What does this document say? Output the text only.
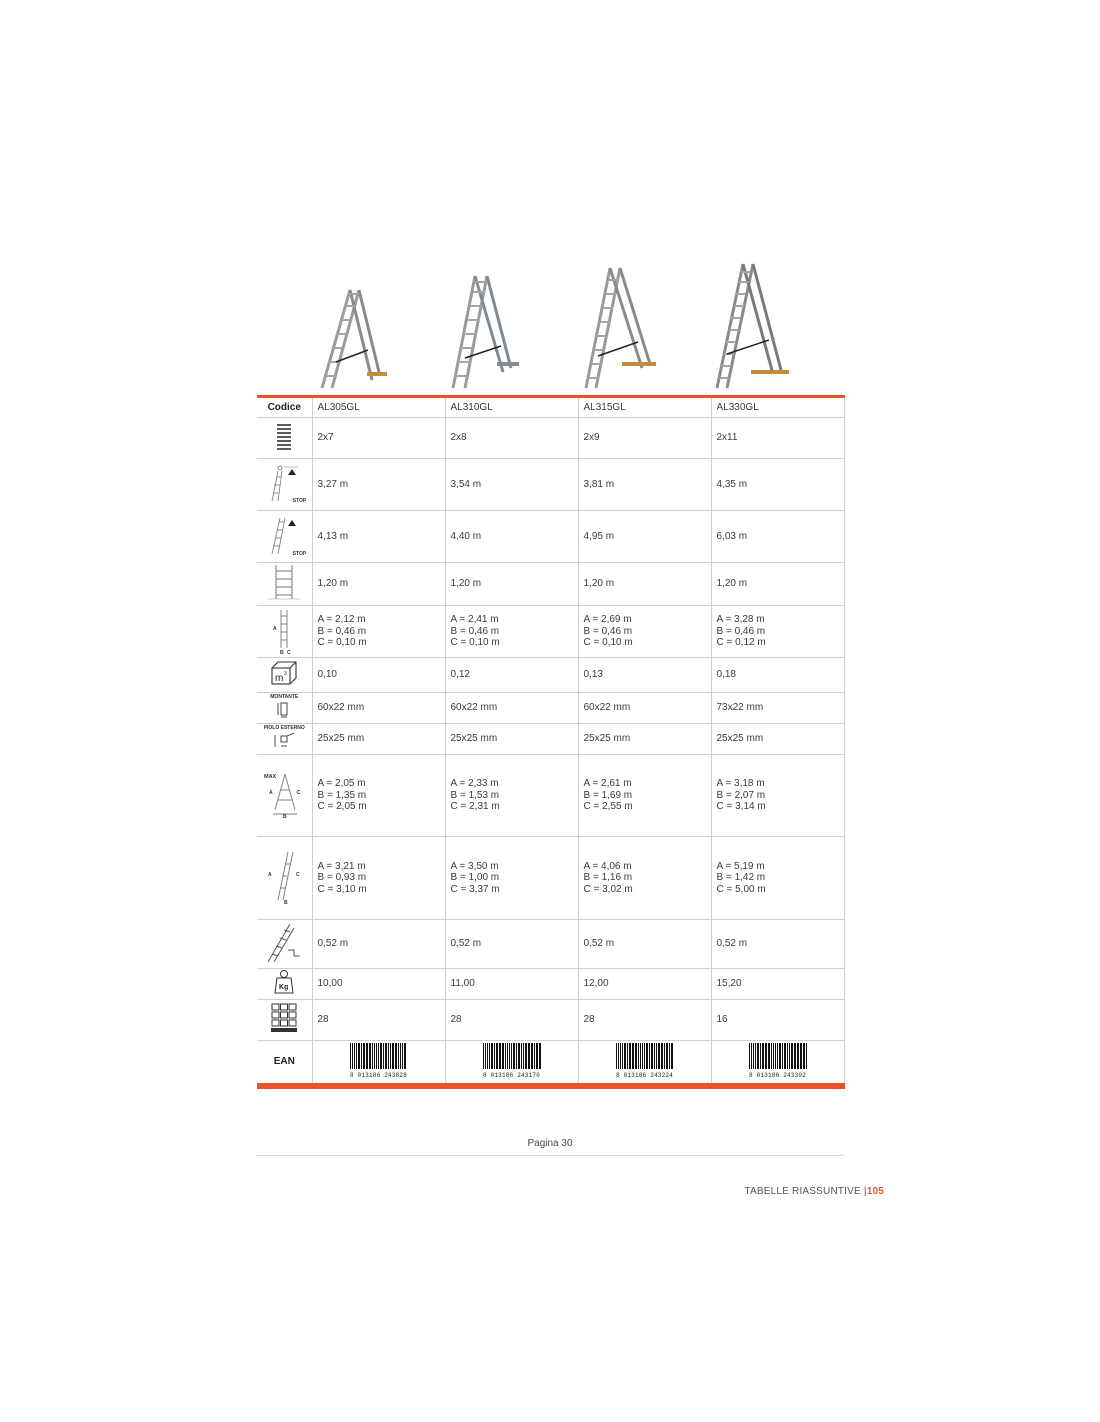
Codice	AL305GL	AL310GL	AL315GL	AL330GL
	2x7	2x8	2x9	2x11

STOP	3,27 m	3,54 m	3,81 m	4,35 m

STOP	4,13 m	4,40 m	4,95 m	6,03 m
	1,20 m	1,20 m	1,20 m	1,20 m

A
B C	A = 2,12 m
B = 0,46 m
C = 0,10 m	A = 2,41 m
B = 0,46 m
C = 0,10 m	A = 2,69 m
B = 0,46 m
C = 0,10 m	A = 3,28 m
B = 0,46 m
C = 0,12 m

m 3	0,10	0,12	0,13	0,18

MONTANTE	60x22 mm	60x22 mm	60x22 mm	73x22 mm

PIOLO ESTERNO	25x25 mm	25x25 mm	25x25 mm	25x25 mm

MAX
A
B
C	A = 2,05 m
B = 1,35 m
C = 2,05 m	A = 2,33 m
B = 1,53 m
C = 2,31 m	A = 2,61 m
B = 1,69 m
C = 2,55 m	A = 3,18 m
B = 2,07 m
C = 3,14 m

A
B
C	A = 3,21 m
B = 0,93 m
C = 3,10 m	A = 3,50 m
B = 1,00 m
C = 3,37 m	A = 4,06 m
B = 1,16 m
C = 3,02 m	A = 5,19 m
B = 1,42 m
C = 5,00 m

	0,52 m	0,52 m	0,52 m	0,52 m

Kg	10,00	11,00	12,00	15,20
	28	28	28	16
EAN	8 013186 243828	8 013186 243170	8 013186 243224	8 013186 243392
Pagina 30
TABELLE RIASSUNTIVE |105
